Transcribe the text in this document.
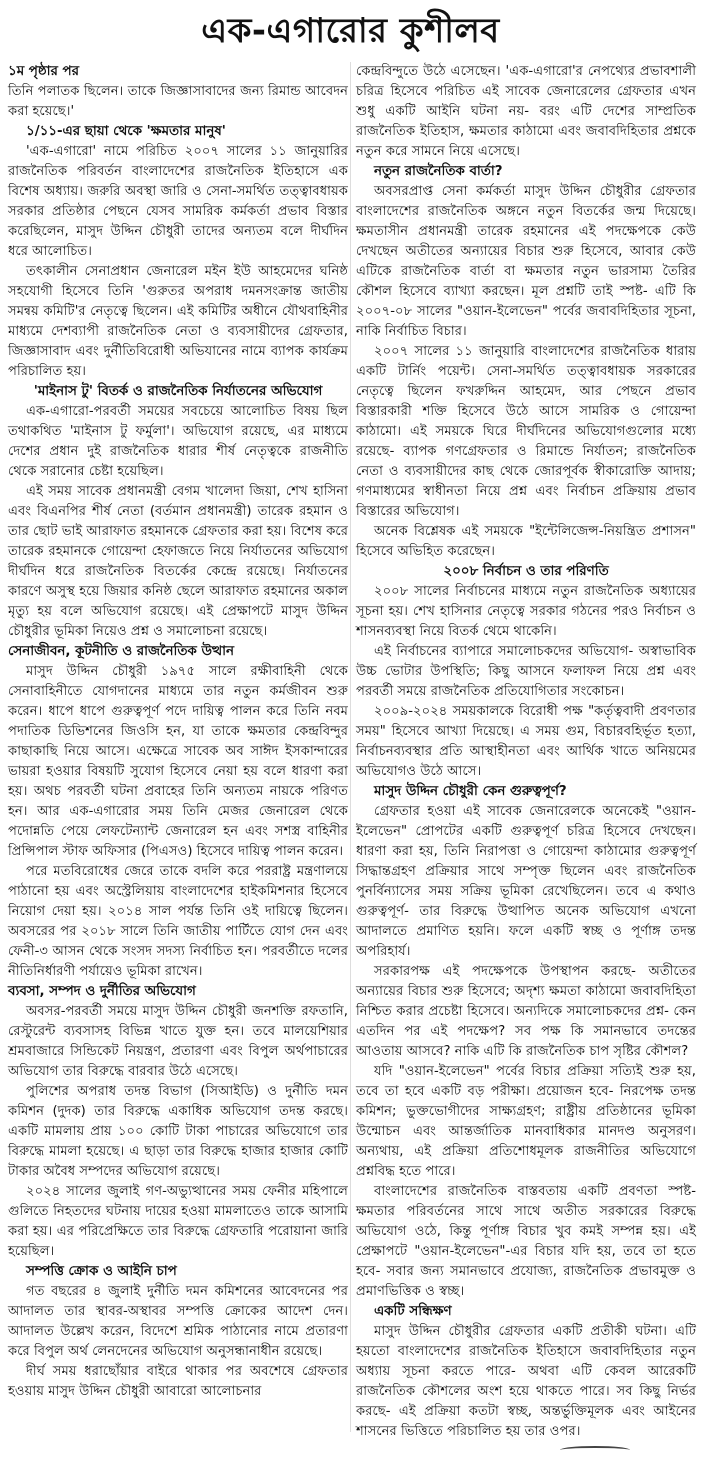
এক-এগারোর কুশীলব
১ম পৃষ্ঠার পর

তিনি পলাতক ছিলেন। তাকে জিজ্ঞাসাবাদের জন্য রিমান্ড আবেদন করা হয়েছে।'

১/১১-এর ছায়া থেকে 'ক্ষমতার মানুষ'

'এক-এগারো' নামে পরিচিত ২০০৭ সালের ১১ জানুয়ারির রাজনৈতিক পরিবর্তন বাংলাদেশের রাজনৈতিক ইতিহাসে এক বিশেষ অধ্যায়। জরুরি অবস্থা জারি ও সেনা-সমর্থিত তত্ত্বাবধায়ক সরকার প্রতিষ্ঠার পেছনে যেসব সামরিক কর্মকর্তা প্রভাব বিস্তার করেছিলেন, মাসুদ উদ্দিন চৌধুরী তাদের অন্যতম বলে দীর্ঘদিন ধরে আলোচিত।

তৎকালীন সেনাপ্রধান জেনারেল মইন ইউ আহমেদের ঘনিষ্ঠ সহযোগী হিসেবে তিনি 'গুরুতর অপরাধ দমনসংক্রান্ত জাতীয় সমন্বয় কমিটি'র নেতৃত্বে ছিলেন। এই কমিটির অধীনে যৌথবাহিনীর মাধ্যমে দেশব্যাপী রাজনৈতিক নেতা ও ব্যবসায়ীদের গ্রেফতার, জিজ্ঞাসাবাদ এবং দুর্নীতিবিরোধী অভিযানের নামে ব্যাপক কার্যক্রম পরিচালিত হয়।

'মাইনাস টু' বিতর্ক ও রাজনৈতিক নির্যাতনের অভিযোগ

এক-এগারো-পরবর্তী সময়ের সবচেয়ে আলোচিত বিষয় ছিল তথাকথিত 'মাইনাস টু ফর্মুলা'। অভিযোগ রয়েছে, এর মাধ্যমে দেশের প্রধান দুই রাজনৈতিক ধারার শীর্ষ নেতৃত্বকে রাজনীতি থেকে সরানোর চেষ্টা হয়েছিল।

এই সময় সাবেক প্রধানমন্ত্রী বেগম খালেদা জিয়া, শেখ হাসিনা এবং বিএনপির শীর্ষ নেতা (বর্তমান প্রধানমন্ত্রী) তারেক রহমান ও তার ছোট ভাই আরাফাত রহমানকে গ্রেফতার করা হয়। বিশেষ করে তারেক রহমানকে গোয়েন্দা হেফাজতে নিয়ে নির্যাতনের অভিযোগ দীর্ঘদিন ধরে রাজনৈতিক বিতর্কের কেন্দ্রে রয়েছে। নির্যাতনের কারণে অসুস্থ হয়ে জিয়ার কনিষ্ঠ ছেলে আরাফাত রহমানের অকাল মৃত্যু হয় বলে অভিযোগ রয়েছে। এই প্রেক্ষাপটে মাসুদ উদ্দিন চৌধুরীর ভূমিকা নিয়েও প্রশ্ন ও সমালোচনা রয়েছে।

সেনাজীবন, কূটনীতি ও রাজনৈতিক উত্থান

মাসুদ উদ্দিন চৌধুরী ১৯৭৫ সালে রক্ষীবাহিনী থেকে সেনাবাহিনীতে যোগদানের মাধ্যমে তার নতুন কর্মজীবন শুরু করেন। ধাপে ধাপে গুরুত্বপূর্ণ পদে দায়িত্ব পালন করে তিনি নবম পদাতিক ডিভিশনের জিওসি হন, যা তাকে ক্ষমতার কেন্দ্রবিন্দুর কাছাকাছি নিয়ে আসে। এক্ষেত্রে সাবেক অব সাঈদ ইসকান্দারের ভায়রা হওয়ার বিষয়টি সুযোগ হিসেবে নেয়া হয় বলে ধারণা করা হয়। অথচ পরবর্তী ঘটনা প্রবাহের তিনি অন্যতম নায়কে পরিণত হন। আর এক-এগারোর সময় তিনি মেজর জেনারেল থেকে পদোন্নতি পেয়ে লেফটেন্যান্ট জেনারেল হন এবং সশস্ত্র বাহিনীর প্রিন্সিপাল স্টাফ অফিসার (পিএসও) হিসেবে দায়িত্ব পালন করেন।

পরে মতবিরোধের জেরে তাকে বদলি করে পররাষ্ট্র মন্ত্রণালয়ে পাঠানো হয় এবং অস্ট্রেলিয়ায় বাংলাদেশের হাইকমিশনার হিসেবে নিয়োগ দেয়া হয়। ২০১৪ সাল পর্যন্ত তিনি ওই দায়িত্বে ছিলেন। অবসরের পর ২০১৮ সালে তিনি জাতীয় পার্টিতে যোগ দেন এবং ফেনী-৩ আসন থেকে সংসদ সদস্য নির্বাচিত হন। পরবর্তীতে দলের নীতিনির্ধারণী পর্যায়েও ভূমিকা রাখেন।

ব্যবসা, সম্পদ ও দুর্নীতির অভিযোগ

অবসর-পরবর্তী সময়ে মাসুদ উদ্দিন চৌধুরী জনশক্তি রফতানি, রেস্টুরেন্ট ব্যবসাসহ বিভিন্ন খাতে যুক্ত হন। তবে মালয়েশিয়ার শ্রমবাজারে সিন্ডিকেট নিয়ন্ত্রণ, প্রতারণা এবং বিপুল অর্থপাচারের অভিযোগ তার বিরুদ্ধে বারবার উঠে এসেছে।

পুলিশের অপরাধ তদন্ত বিভাগ (সিআইডি) ও দুর্নীতি দমন কমিশন (দুদক) তার বিরুদ্ধে একাধিক অভিযোগ তদন্ত করছে। একটি মামলায় প্রায় ১০০ কোটি টাকা পাচারের অভিযোগে তার বিরুদ্ধে মামলা হয়েছে। এ ছাড়া তার বিরুদ্ধে হাজার হাজার কোটি টাকার অবৈধ সম্পদের অভিযোগ রয়েছে।

২০২৪ সালের জুলাই গণ-অভ্যুত্থানের সময় ফেনীর মহিপালে গুলিতে নিহতদের ঘটনায় দায়ের হওয়া মামলাতেও তাকে আসামি করা হয়। এর পরিপ্রেক্ষিতে তার বিরুদ্ধে গ্রেফতারি পরোয়ানা জারি হয়েছিল।

সম্পত্তি ক্রোক ও আইনি চাপ

গত বছরের ৪ জুলাই দুর্নীতি দমন কমিশনের আবেদনের পর আদালত তার স্থাবর-অস্থাবর সম্পত্তি ক্রোকের আদেশ দেন। আদালত উল্লেখ করেন, বিদেশে শ্রমিক পাঠানোর নামে প্রতারণা করে বিপুল অর্থ লেনদেনের অভিযোগ অনুসন্ধানাধীন রয়েছে।

দীর্ঘ সময় ধরাছোঁয়ার বাইরে থাকার পর অবশেষে গ্রেফতার হওয়ায় মাসুদ উদ্দিন চৌধুরী আবারো আলোচনার

কেন্দ্রবিন্দুতে উঠে এসেছেন। 'এক-এগারো'র নেপথ্যের প্রভাবশালী চরিত্র হিসেবে পরিচিত এই সাবেক জেনারেলের গ্রেফতার এখন শুধু একটি আইনি ঘটনা নয়- বরং এটি দেশের সাম্প্রতিক রাজনৈতিক ইতিহাস, ক্ষমতার কাঠামো এবং জবাবদিহিতার প্রশ্নকে নতুন করে সামনে নিয়ে এসেছে।

নতুন রাজনৈতিক বার্তা?

অবসরপ্রাপ্ত সেনা কর্মকর্তা মাসুদ উদ্দিন চৌধুরীর গ্রেফতার বাংলাদেশের রাজনৈতিক অঙ্গনে নতুন বিতর্কের জন্ম দিয়েছে। ক্ষমতাসীন প্রধানমন্ত্রী তারেক রহমানের এই পদক্ষেপকে কেউ দেখছেন অতীতের অন্যায়ের বিচার শুরু হিসেবে, আবার কেউ এটিকে রাজনৈতিক বার্তা বা ক্ষমতার নতুন ভারসাম্য তৈরির কৌশল হিসেবে ব্যাখ্যা করছেন। মূল প্রশ্নটি তাই স্পষ্ট- এটি কি ২০০৭-০৮ সালের "ওয়ান-ইলেভেন" পর্বের জবাবদিহিতার সূচনা, নাকি নির্বাচিত বিচার।

২০০৭ সালের ১১ জানুয়ারি বাংলাদেশের রাজনৈতিক ধারায় একটি টার্নিং পয়েন্ট। সেনা-সমর্থিত তত্ত্বাবধায়ক সরকারের নেতৃত্বে ছিলেন ফখরুদ্দিন আহমেদ, আর পেছনে প্রভাব বিস্তারকারী শক্তি হিসেবে উঠে আসে সামরিক ও গোয়েন্দা কাঠামো। এই সময়কে ঘিরে দীর্ঘদিনের অভিযোগগুলোর মধ্যে রয়েছে- ব্যাপক গণগ্রেফতার ও রিমান্ডে নির্যাতন; রাজনৈতিক নেতা ও ব্যবসায়ীদের কাছ থেকে জোরপূর্বক স্বীকারোক্তি আদায়; গণমাধ্যমের স্বাধীনতা নিয়ে প্রশ্ন এবং নির্বাচন প্রক্রিয়ায় প্রভাব বিস্তারের অভিযোগ।

অনেক বিশ্লেষক এই সময়কে "ইন্টেলিজেন্স-নিয়ন্ত্রিত প্রশাসন" হিসেবে অভিহিত করেছেন।

২০০৮ নির্বাচন ও তার পরিণতি

২০০৮ সালের নির্বাচনের মাধ্যমে নতুন রাজনৈতিক অধ্যায়ের সূচনা হয়। শেখ হাসিনার নেতৃত্বে সরকার গঠনের পরও নির্বাচন ও শাসনব্যবস্থা নিয়ে বিতর্ক থেমে থাকেনি।

এই নির্বাচনের ব্যাপারে সমালোচকদের অভিযোগ- অস্বাভাবিক উচ্চ ভোটার উপস্থিতি; কিছু আসনে ফলাফল নিয়ে প্রশ্ন এবং পরবর্তী সময়ে রাজনৈতিক প্রতিযোগিতার সংকোচন।

২০০৯-২০২৪ সময়কালকে বিরোধী পক্ষ "কর্তৃত্ববাদী প্রবণতার সময়" হিসেবে আখ্যা দিয়েছে। এ সময় গুম, বিচারবহির্ভূত হত্যা, নির্বাচনব্যবস্থার প্রতি আস্থাহীনতা এবং আর্থিক খাতে অনিয়মের অভিযোগও উঠে আসে।

মাসুদ উদ্দিন চৌধুরী কেন গুরুত্বপূর্ণ?

গ্রেফতার হওয়া এই সাবেক জেনারেলকে অনেকেই "ওয়ান-ইলেভেন" প্রোপটের একটি গুরুত্বপূর্ণ চরিত্র হিসেবে দেখছেন। ধারণা করা হয়, তিনি নিরাপত্তা ও গোয়েন্দা কাঠামোর গুরুত্বপূর্ণ সিদ্ধান্তগ্রহণ প্রক্রিয়ার সাথে সম্পৃক্ত ছিলেন এবং রাজনৈতিক পুনর্বিন্যাসের সময় সক্রিয় ভূমিকা রেখেছিলেন। তবে এ কথাও গুরুত্বপূর্ণ- তার বিরুদ্ধে উত্থাপিত অনেক অভিযোগ এখনো আদালতে প্রমাণিত হয়নি। ফলে একটি স্বচ্ছ ও পূর্ণাঙ্গ তদন্ত অপরিহার্য।

সরকারপক্ষ এই পদক্ষেপকে উপস্থাপন করছে- অতীতের অন্যায়ের বিচার শুরু হিসেবে; অদৃশ্য ক্ষমতা কাঠামো জবাবদিহিতা নিশ্চিত করার প্রচেষ্টা হিসেবে। অন্যদিকে সমালোচকদের প্রশ্ন- কেন এতদিন পর এই পদক্ষেপ? সব পক্ষ কি সমানভাবে তদন্তের আওতায় আসবে? নাকি এটি কি রাজনৈতিক চাপ সৃষ্টির কৌশল?

যদি "ওয়ান-ইলেভেন" পর্বের বিচার প্রক্রিয়া সত্যিই শুরু হয়, তবে তা হবে একটি বড় পরীক্ষা। প্রয়োজন হবে- নিরপেক্ষ তদন্ত কমিশন; ভুক্তভোগীদের সাক্ষ্যগ্রহণ; রাষ্ট্রীয় প্রতিষ্ঠানের ভূমিকা উন্মোচন এবং আন্তর্জাতিক মানবাধিকার মানদণ্ড অনুসরণ। অন্যথায়, এই প্রক্রিয়া প্রতিশোধমূলক রাজনীতির অভিযোগে প্রশ্নবিদ্ধ হতে পারে।

বাংলাদেশের রাজনৈতিক বাস্তবতায় একটি প্রবণতা স্পষ্ট- ক্ষমতার পরিবর্তনের সাথে সাথে অতীত সরকারের বিরুদ্ধে অভিযোগ ওঠে, কিন্তু পূর্ণাঙ্গ বিচার খুব কমই সম্পন্ন হয়। এই প্রেক্ষাপটে "ওয়ান-ইলেভেন"-এর বিচার যদি হয়, তবে তা হতে হবে- সবার জন্য সমানভাবে প্রযোজ্য, রাজনৈতিক প্রভাবমুক্ত ও প্রমাণভিত্তিক ও স্বচ্ছ।

একটি সন্ধিক্ষণ

মাসুদ উদ্দিন চৌধুরীর গ্রেফতার একটি প্রতীকী ঘটনা। এটি হয়তো বাংলাদেশের রাজনৈতিক ইতিহাসে জবাবদিহিতার নতুন অধ্যায় সূচনা করতে পারে- অথবা এটি কেবল আরেকটি রাজনৈতিক কৌশলের অংশ হয়ে থাকতে পারে। সব কিছু নির্ভর করছে- এই প্রক্রিয়া কতটা স্বচ্ছ, অন্তর্ভুক্তিমূলক এবং আইনের শাসনের ভিত্তিতে পরিচালিত হয় তার ওপর।
